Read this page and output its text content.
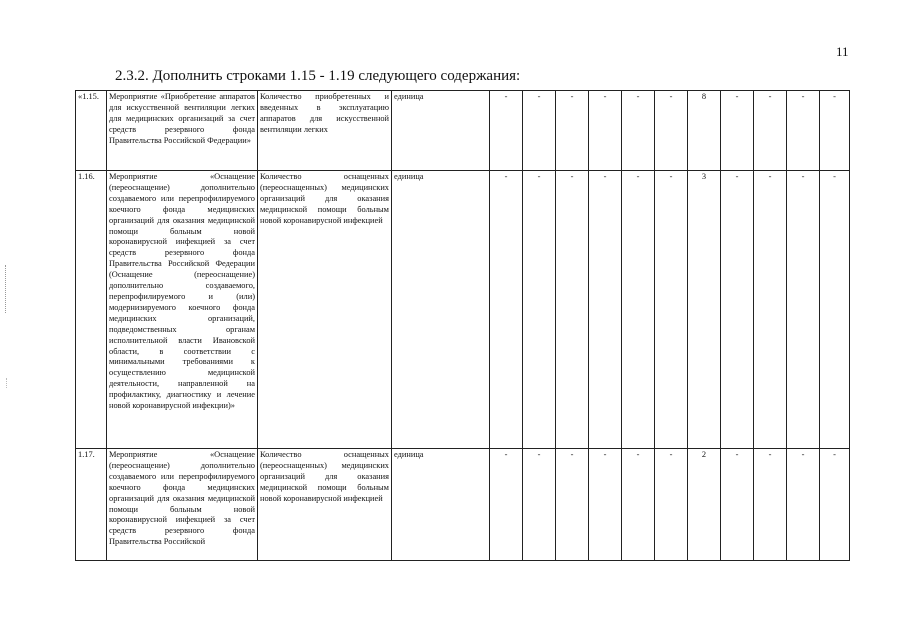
11
2.3.2. Дополнить строками 1.15 - 1.19 следующего содержания:
«1.15.	Мероприятие «Приобретение аппаратов для искусственной вентиляции легких для медицинских организаций за счет средств резервного фонда Правительства Российской Федерации»	Количество приобретенных и введенных в эксплуатацию аппаратов для искусственной вентиляции легких	единица	-	-	-	-	-	-	8	-	-	-	-
1.16.	Мероприятие «Оснащение (переоснащение) дополнительно создаваемого или перепрофилируемого коечного фонда медицинских организаций для оказания медицинской помощи больным новой коронавирусной инфекцией за счет средств резервного фонда Правительства Российской Федерации (Оснащение (переоснащение) дополнительно создаваемого, перепрофилируемого и (или) модернизируемого коечного фонда медицинских организаций, подведомственных органам исполнительной власти Ивановской области, в соответствии с минимальными требованиями к осуществлению медицинской деятельности, направленной на профилактику, диагностику и лечение новой коронавирусной инфекции)»	Количество оснащенных (переоснащенных) медицинских организаций для оказания медицинской помощи больным новой коронавирусной инфекцией	единица	-	-	-	-	-	-	3	-	-	-	-
1.17.	Мероприятие «Оснащение (переоснащение) дополнительно создаваемого или перепрофилируемого коечного фонда медицинских организаций для оказания медицинской помощи больным новой коронавирусной инфекцией за счет средств резервного фонда Правительства Российской	Количество оснащенных (переоснащенных) медицинских организаций для оказания медицинской помощи больным новой коронавирусной инфекцией	единица	-	-	-	-	-	-	2	-	-	-	-
